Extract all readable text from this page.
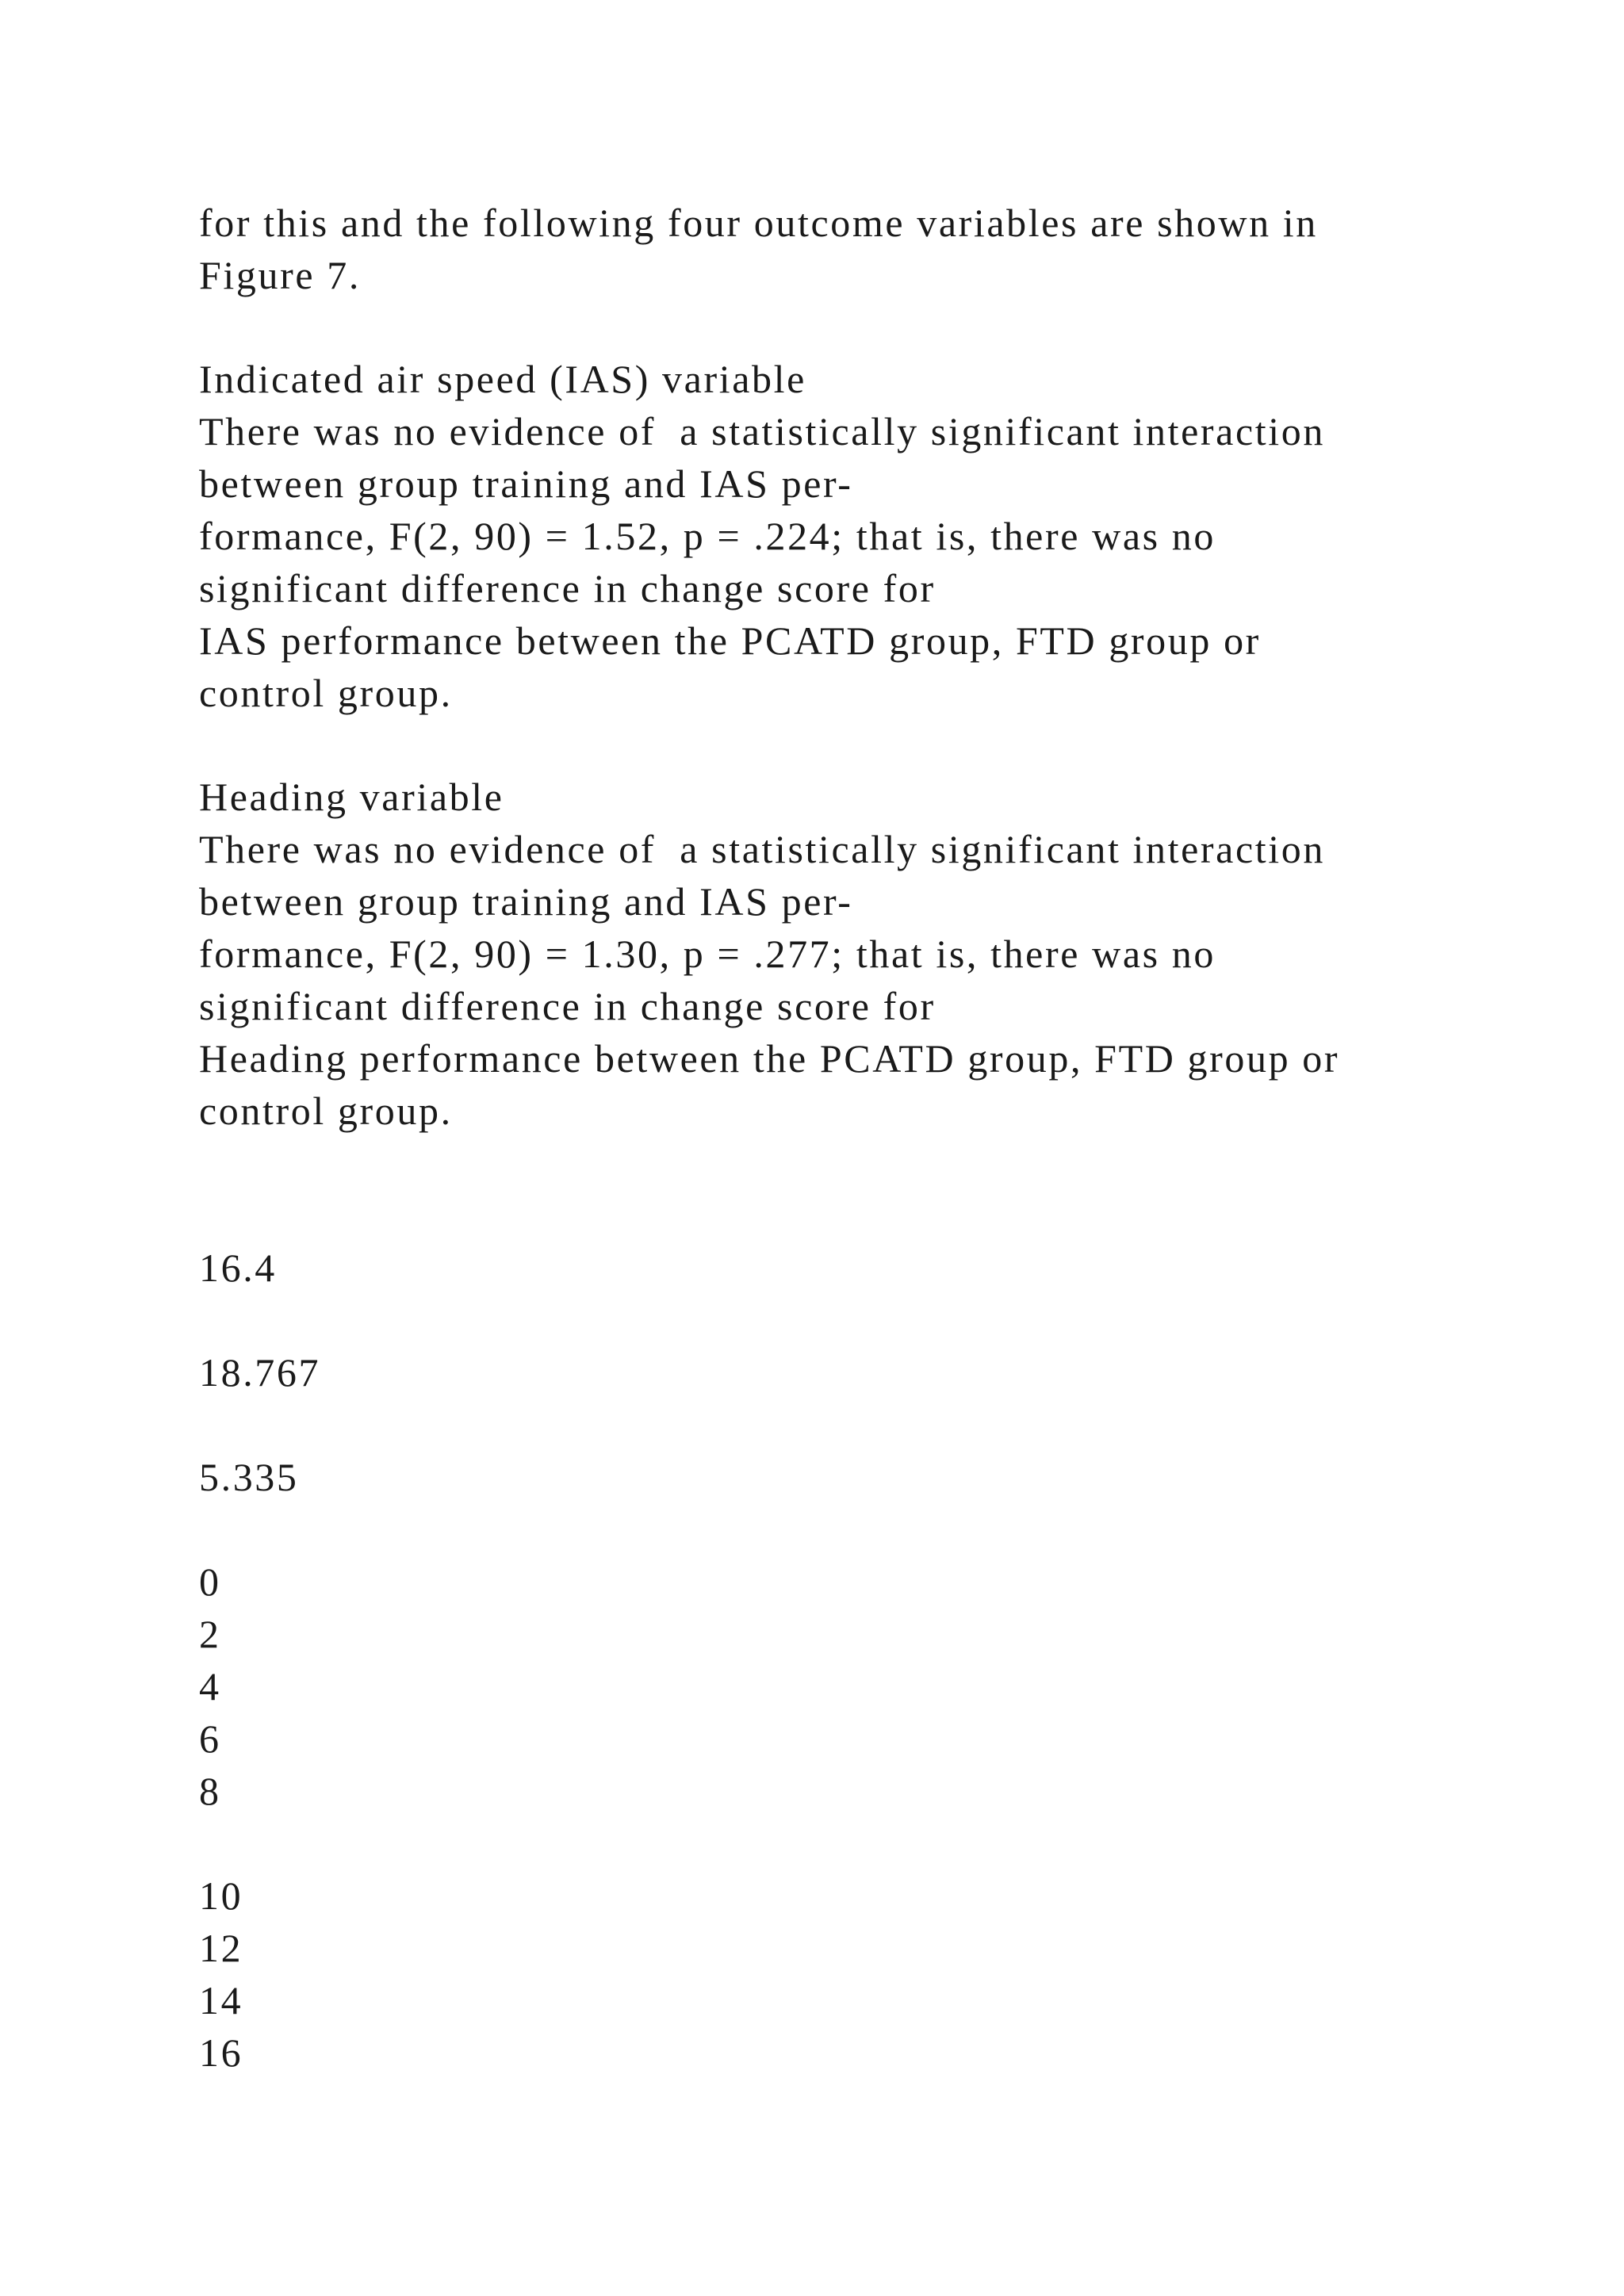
for this and the following four outcome variables are shown in

Figure 7.

Indicated air speed (IAS) variable

There was no evidence of  a statistically significant interaction

between group training and IAS per-

formance, F(2, 90) = 1.52, p = .224; that is, there was no

significant difference in change score for

IAS performance between the PCATD group, FTD group or

control group.

Heading variable

There was no evidence of  a statistically significant interaction

between group training and IAS per-

formance, F(2, 90) = 1.30, p = .277; that is, there was no

significant difference in change score for

Heading performance between the PCATD group, FTD group or

control group.

16.4

18.767

5.335

0

2

4

6

8

10

12

14

16
